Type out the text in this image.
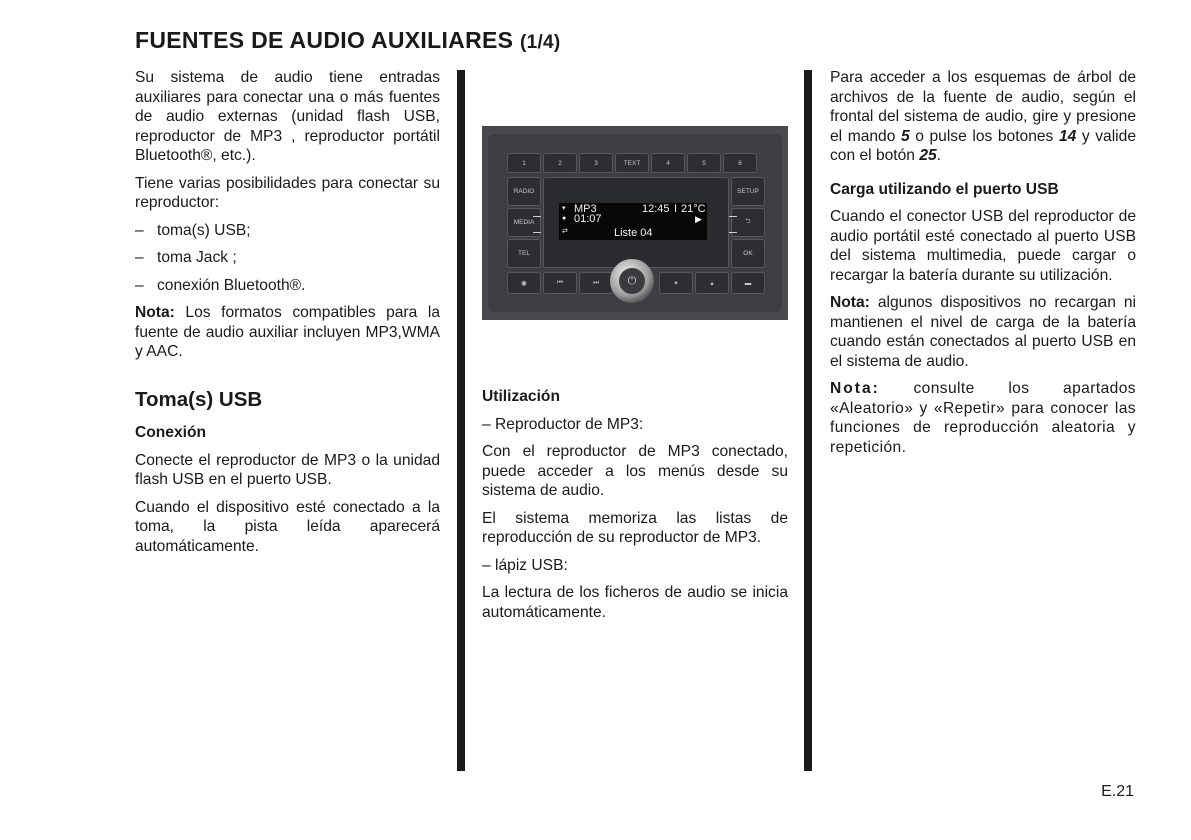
FUENTES DE AUDIO AUXILIARES (1/4)

Su sistema de audio tiene entradas auxiliares para conectar una o más fuentes de audio externas (unidad flash USB, reproductor de MP3 , reproductor portátil Bluetooth®, etc.).

Tiene varias posibilidades para conectar su reproductor:

– toma(s) USB;
– toma Jack ;
– conexión Bluetooth®.

Nota: Los formatos compatibles para la fuente de audio auxiliar incluyen MP3,WMA y AAC.

Toma(s) USB
Conexión

Conecte el reproductor de MP3 o la unidad flash USB en el puerto USB.

Cuando el dispositivo esté conectado a la toma, la pista leída aparecerá automáticamente.

1	2	3	TEXT	4	5	6
RADIO
MEDIA
TEL
SETUP
⮌
OK
◉	⏮	⏭	▾	▴	▬
▾ MP3	12:45 I 21°C
● 01:07	▶
⇄	Liste 04
⏻
Utilización

– Reproductor de MP3:

Con el reproductor de MP3 conectado, puede acceder a los menús desde su sistema de audio.

El sistema memoriza las listas de reproducción de su reproductor de MP3.

– lápiz USB:

La lectura de los ficheros de audio se inicia automáticamente.

Para acceder a los esquemas de árbol de archivos de la fuente de audio, según el frontal del sistema de audio, gire y presione el mando 5 o pulse los botones 14 y valide con el botón 25.

Carga utilizando el puerto USB

Cuando el conector USB del reproductor de audio portátil esté conectado al puerto USB del sistema multimedia, puede cargar o recargar la batería durante su utilización.

Nota: algunos dispositivos no recargan ni mantienen el nivel de carga de la batería cuando están conectados al puerto USB en el sistema de audio.

Nota: consulte los apartados «Aleatorio» y «Repetir» para conocer las funciones de reproducción aleatoria y repetición.

E.21
